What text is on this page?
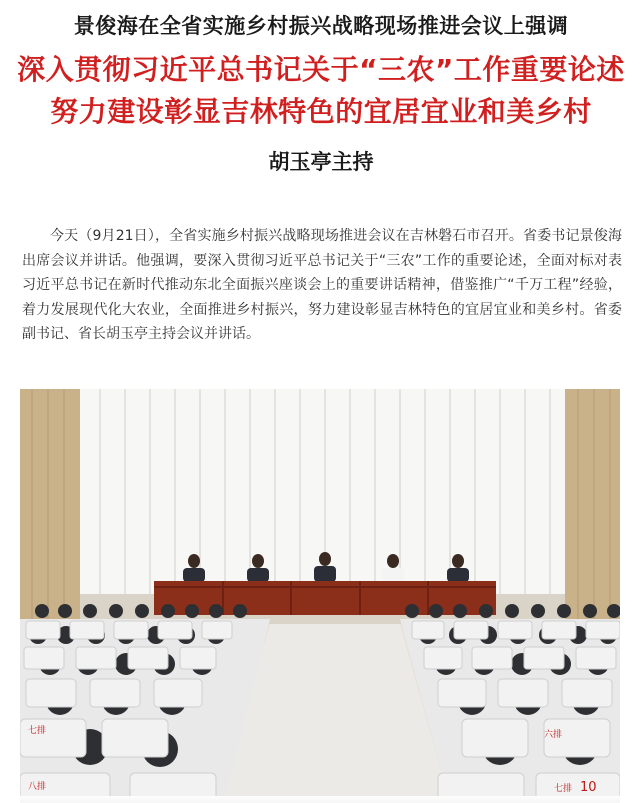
景俊海在全省实施乡村振兴战略现场推进会议上强调
深入贯彻习近平总书记关于“三农”工作重要论述
努力建设彰显吉林特色的宜居宜业和美乡村
胡玉亭主持

今天（9月21日），全省实施乡村振兴战略现场推进会议在吉林磐石市召开。省委书记景俊海出席会议并讲话。他强调，要深入贯彻习近平总书记关于“三农”工作的重要论述，全面对标对表习近平总书记在新时代推动东北全面振兴座谈会上的重要讲话精神，借鉴推广“千万工程”经验，着力发展现代化大农业，全面推进乡村振兴，努力建设彰显吉林特色的宜居宜业和美乡村。省委副书记、省长胡玉亭主持会议并讲话。

七排
八排
六排
七排 10
